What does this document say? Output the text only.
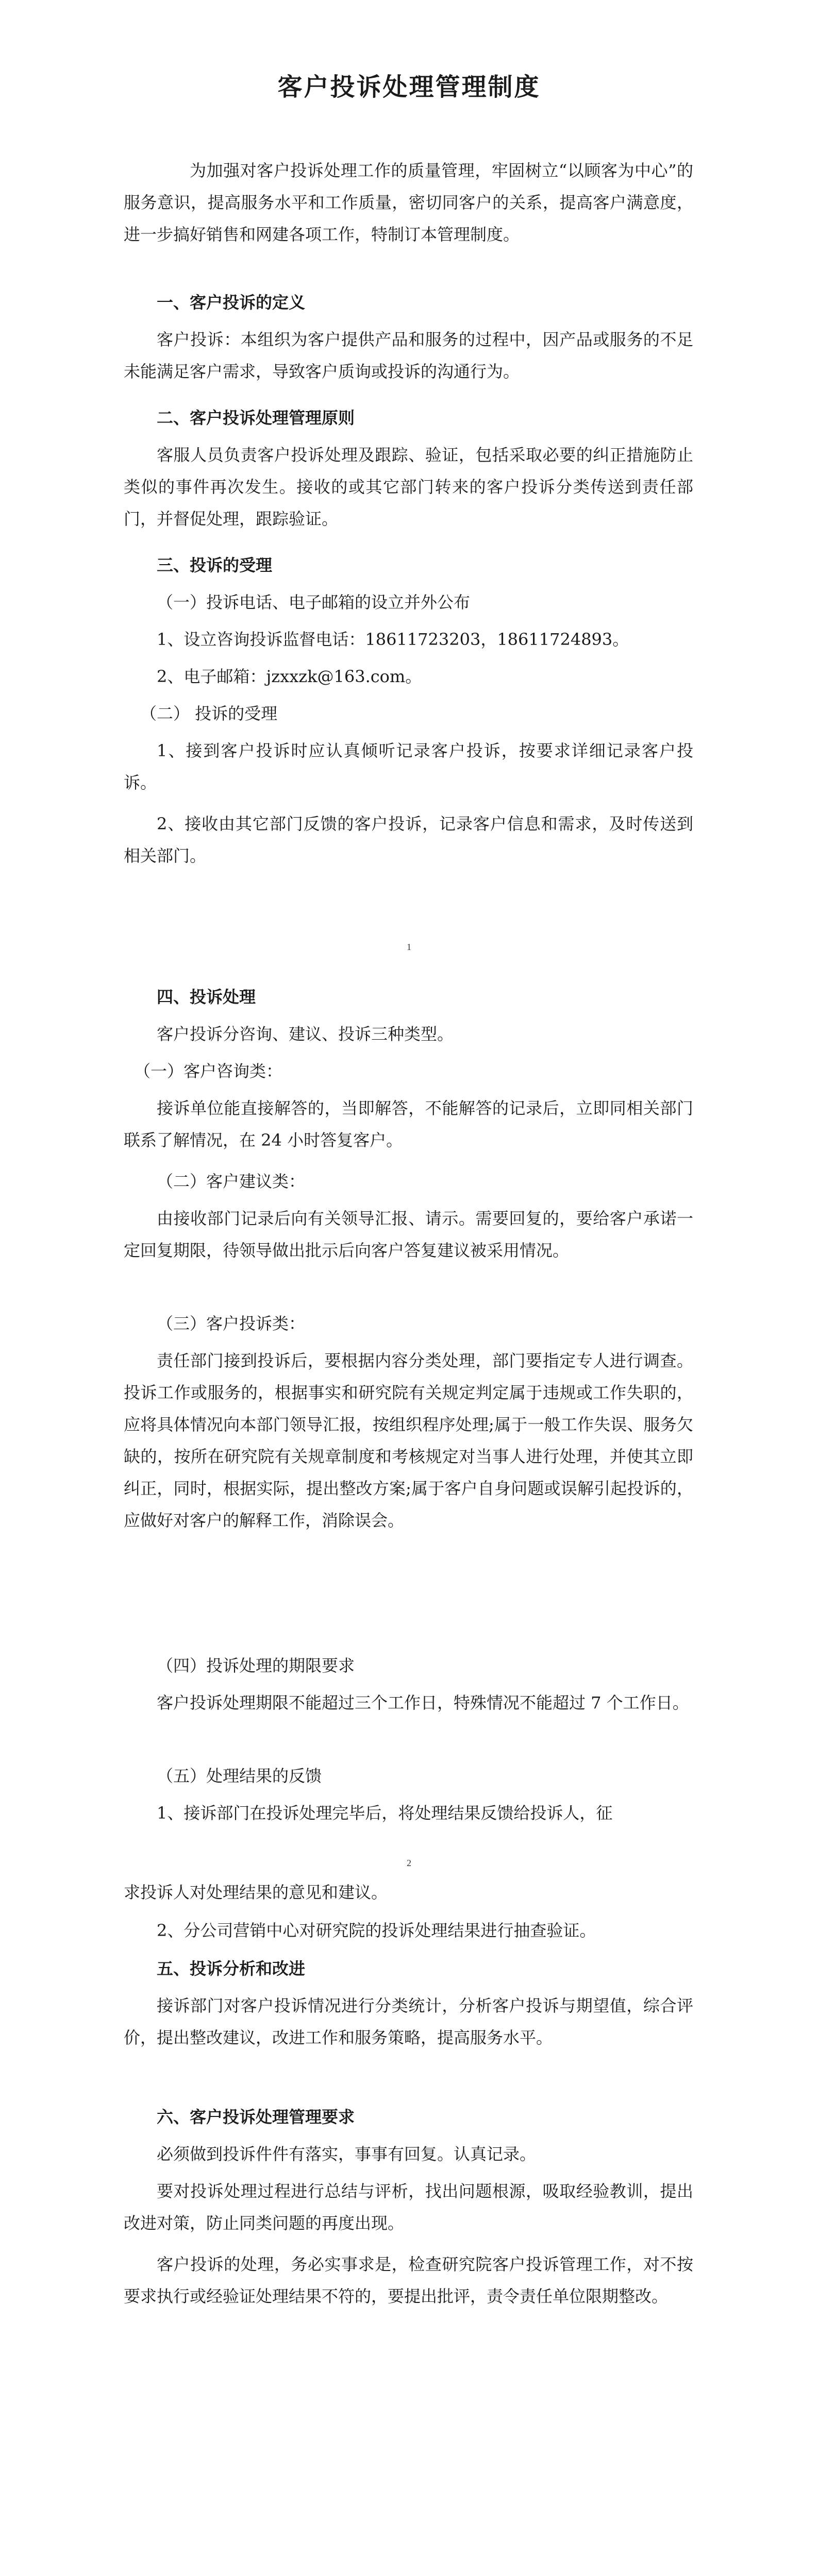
客户投诉处理管理制度

为加强对客户投诉处理工作的质量管理，牢固树立“以顾客为中心”的服务意识，提高服务水平和工作质量，密切同客户的关系，提高客户满意度，进一步搞好销售和网建各项工作，特制订本管理制度。

一、客户投诉的定义

客户投诉：本组织为客户提供产品和服务的过程中，因产品或服务的不足未能满足客户需求，导致客户质询或投诉的沟通行为。

二、客户投诉处理管理原则

客服人员负责客户投诉处理及跟踪、验证，包括采取必要的纠正措施防止类似的事件再次发生。接收的或其它部门转来的客户投诉分类传送到责任部门，并督促处理，跟踪验证。

三、投诉的受理

（一）投诉电话、电子邮箱的设立并外公布

1、设立咨询投诉监督电话：18611723203，18611724893。

2、电子邮箱：jzxxzk@163.com。

（二） 投诉的受理

1、接到客户投诉时应认真倾听记录客户投诉，按要求详细记录客户投诉。

2、接收由其它部门反馈的客户投诉，记录客户信息和需求，及时传送到相关部门。

1

四、投诉处理

客户投诉分咨询、建议、投诉三种类型。

（一）客户咨询类：

接诉单位能直接解答的，当即解答，不能解答的记录后，立即同相关部门联系了解情况，在 24 小时答复客户。

（二）客户建议类：

由接收部门记录后向有关领导汇报、请示。需要回复的，要给客户承诺一定回复期限，待领导做出批示后向客户答复建议被采用情况。

（三）客户投诉类：

责任部门接到投诉后，要根据内容分类处理，部门要指定专人进行调查。投诉工作或服务的，根据事实和研究院有关规定判定属于违规或工作失职的，应将具体情况向本部门领导汇报，按组织程序处理;属于一般工作失误、服务欠缺的，按所在研究院有关规章制度和考核规定对当事人进行处理，并使其立即纠正，同时，根据实际，提出整改方案;属于客户自身问题或误解引起投诉的，应做好对客户的解释工作，消除误会。

（四）投诉处理的期限要求

客户投诉处理期限不能超过三个工作日，特殊情况不能超过 7 个工作日。

（五）处理结果的反馈

1、接诉部门在投诉处理完毕后，将处理结果反馈给投诉人，征

2

求投诉人对处理结果的意见和建议。

2、分公司营销中心对研究院的投诉处理结果进行抽查验证。

五、投诉分析和改进

接诉部门对客户投诉情况进行分类统计，分析客户投诉与期望值，综合评价，提出整改建议，改进工作和服务策略，提高服务水平。

六、客户投诉处理管理要求

必须做到投诉件件有落实，事事有回复。认真记录。

要对投诉处理过程进行总结与评析，找出问题根源，吸取经验教训，提出改进对策，防止同类问题的再度出现。

客户投诉的处理，务必实事求是，检查研究院客户投诉管理工作，对不按要求执行或经验证处理结果不符的，要提出批评，责令责任单位限期整改。
